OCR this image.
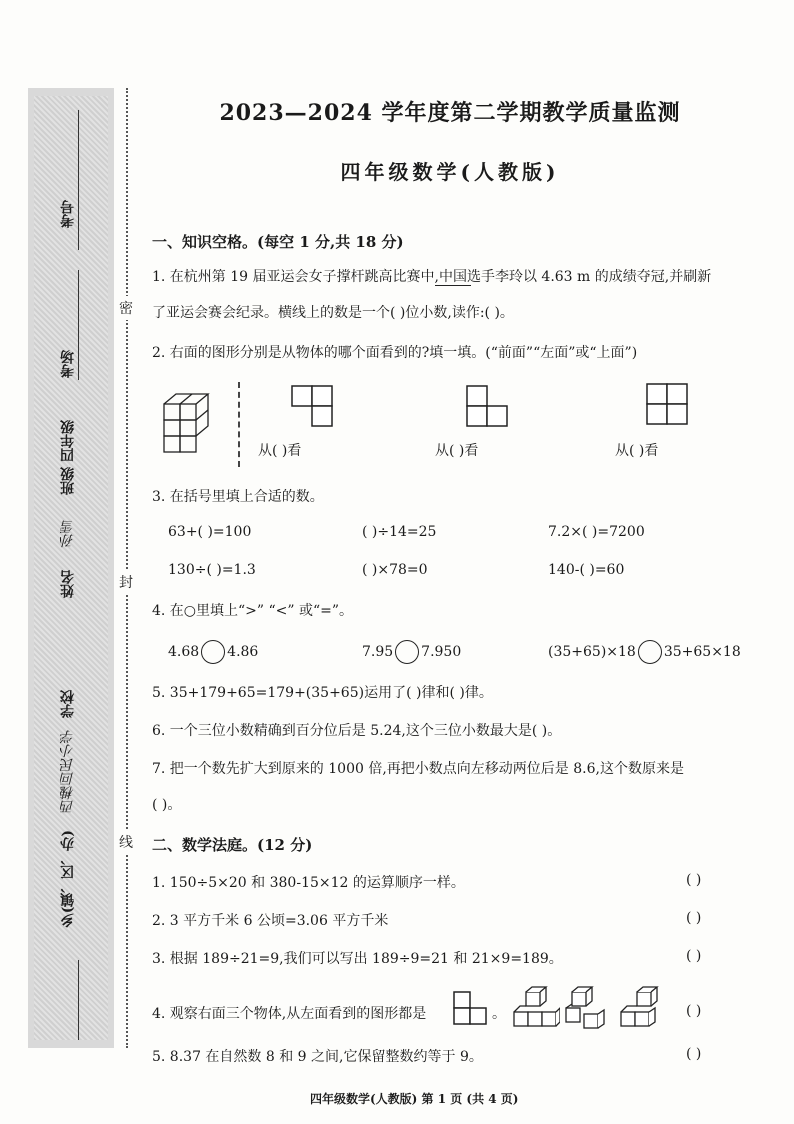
考号
考场
班级 四年级
姓名
孙雪
学校
西槐回民小学
乡(镇、区、办)
密
封
线
2023—2024 学年度第二学期教学质量监测
四年级数学(人教版)
一、知识空格。(每空 1 分,共 18 分)
1. 在杭州第 19 届亚运会女子撑杆跳高比赛中,中国选手李玲以 4.63 m 的成绩夺冠,并刷新
了亚运会赛会纪录。横线上的数是一个( )位小数,读作:( )。
2. 右面的图形分别是从物体的哪个面看到的?填一填。(“前面”“左面”或“上面”)
从( )看	从( )看	从( )看
3. 在括号里填上合适的数。
63+( )=100	( )÷14=25	7.2×( )=7200
130÷( )=1.3	( )×78=0	140-( )=60
4. 在○里填上“>” “<” 或“=”。
4.68 4.86	7.95 7.950	(35+65)×18 35+65×18
5. 35+179+65=179+(35+65)运用了( )律和( )律。
6. 一个三位小数精确到百分位后是 5.24,这个三位小数最大是( )。
7. 把一个数先扩大到原来的 1000 倍,再把小数点向左移动两位后是 8.6,这个数原来是
( )。
二、数学法庭。(12 分)
1. 150÷5×20 和 380-15×12 的运算顺序一样。	( )
2. 3 平方千米 6 公顷=3.06 平方千米	( )
3. 根据 189÷21=9,我们可以写出 189÷9=21 和 21×9=189。	( )
4. 观察右面三个物体,从左面看到的图形都是	。	( )
5. 8.37 在自然数 8 和 9 之间,它保留整数约等于 9。	( )
四年级数学(人教版) 第 1 页 (共 4 页)
